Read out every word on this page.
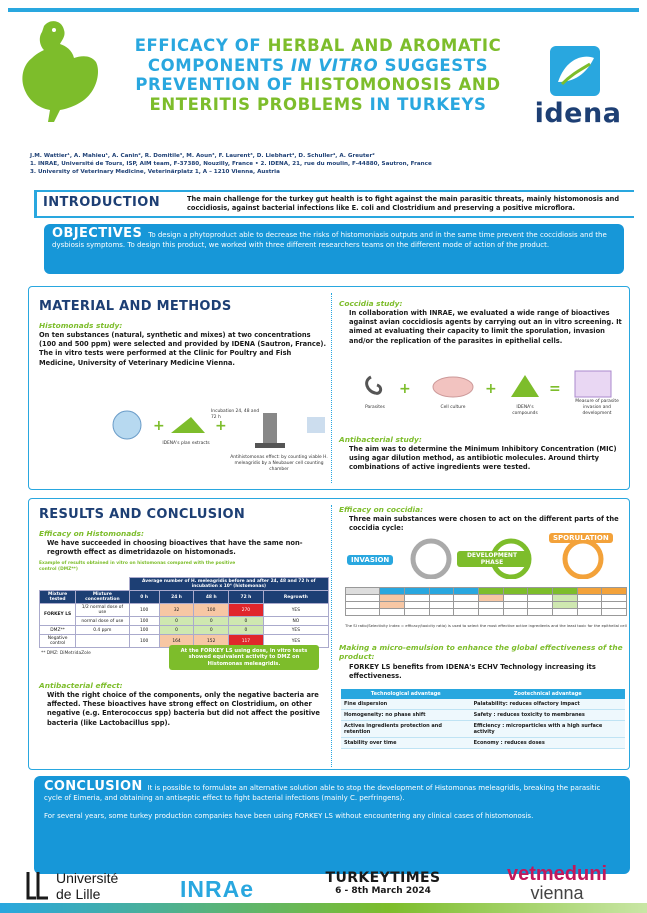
EFFICACY OF HERBAL AND AROMATIC
COMPONENTS IN VITRO SUGGESTS
PREVENTION OF HISTOMONOSIS AND
ENTERITIS PROBLEMS IN TURKEYS	idena
J.M. Wattier¹, A. Mahieu¹, A. Canin², R. Domitile³, M. Aoun³, F. Laurent³, D. Liebhart⁴, D. Schuller⁴, A. Greuter²
1. INRAE, Université de Tours, ISP, AIM team, F-37380, Nouzilly, France • 2. IDENA, 21, rue du moulin, F-44880, Sautron, France
3. University of Veterinary Medicine, Veterinärplatz 1, A – 1210 Vienna, Austria
INTRODUCTION	The main challenge for the turkey gut health is to fight against the main parasitic threats, mainly histomonosis and coccidiosis, against bacterial infections like E. coli and Clostridium and preserving a positive microflora.
OBJECTIVES To design a phytoproduct able to decrease the risks of histomoniasis outputs and in the same time prevent the coccidiosis and the dysbiosis symptoms. To design this product, we worked with three different researchers teams on the different mode of action of the product.
MATERIAL AND METHODS
Histomonads study:
On ten substances (natural, synthetic and mixes) at two concentrations (100 and 500 ppm) were selected and provided by IDENA (Sautron, France). The in vitro tests were performed at the Clinic for Poultry and Fish Medicine, University of Veterinary Medicine Vienna.
+	+
IDENA's plan extracts
Incubation 24, 48 and 72 h
Antihistomonas effect: by counting viable H. meleagridis by a Neubauer cell counting chamber
Coccidia study:
In collaboration with INRAE, we evaluated a wide range of bioactives against avian coccidiosis agents by carrying out an in vitro screening. It aimed at evaluating their capacity to limit the sporulation, invasion and/or the replication of the parasites in epithelial cells.
+	+	=
Parasites	Cell culture	IDENA's compounds
Measure of parasite invasion and development
Antibacterial study:
The aim was to determine the Minimum Inhibitory Concentration (MIC) using agar dilution method, as antibiotic molecules. Around thirty combinations of active ingredients were tested.
RESULTS AND CONCLUSION
Efficacy on Histomonads:
We have succeeded in choosing bioactives that have the same non-regrowth effect as dimetridazole on histomonads.
Example of results obtained in vitro on histomonas compared with the positive control (DMZ**)
		Average number of H. meleagridis before and after 24, 48 and 72 h of incubation x 10⁴ (histomonas)				
Mixture tested	Mixture concentration	0 h	24 h	48 h	72 h	Regrowth
FORKEY LS	1/2 normal dose of use	100	32	100	270	YES
	normal dose of use	100	0	0	0	NO
DMZ**	0.4 ppm	100	0	0	0	YES
Negative control		100	164	152	117	YES
** DMZ: DiMetridaZole	At the FORKEY LS using dose, in vitro tests showed equivalent activity to DMZ on Histomonas meleagridis.
Antibacterial effect:
With the right choice of the components, only the negative bacteria are affected. These bioactives have strong effect on Clostridium, on other negative (e.g. Enterococcus spp) bacteria but did not affect the positive bacteria (like Lactobacillus spp).
Efficacy on coccidia:
Three main substances were chosen to act on the different parts of the coccidia cycle:
INVASION
DEVELOPMENT PHASE
SPORULATION

The SI ratio(Selectivity Index = efficacy/toxicity ratio) is used to select the most effective active ingredients and the least toxic for the epithelial cell
Making a micro-emulsion to enhance the global effectiveness of the product:
FORKEY LS benefits from IDENA's ECHV Technology increasing its effectiveness.
Technological advantage	Zootechnical advantage
Fine dispersion	Palatability: reduces olfactory impact
Homogeneity: no phase shift	Safety : reduces toxicity to membranes
Actives ingredients protection and retention	Efficiency : microparticles with a high surface activity
Stability over time	Economy : reduces doses
CONCLUSION It is possible to formulate an alternative solution able to stop the development of Histomonas meleagridis, breaking the parasitic cycle of Eimeria, and obtaining an antiseptic effect to fight bacterial infections (mainly C. perfringens).
For several years, some turkey production companies have been using FORKEY LS without encountering any clinical cases of histomonosis.
Université
de Lille	INRAe	TURKEYTIMES
6 - 8th March 2024
vetmeduni
vienna
